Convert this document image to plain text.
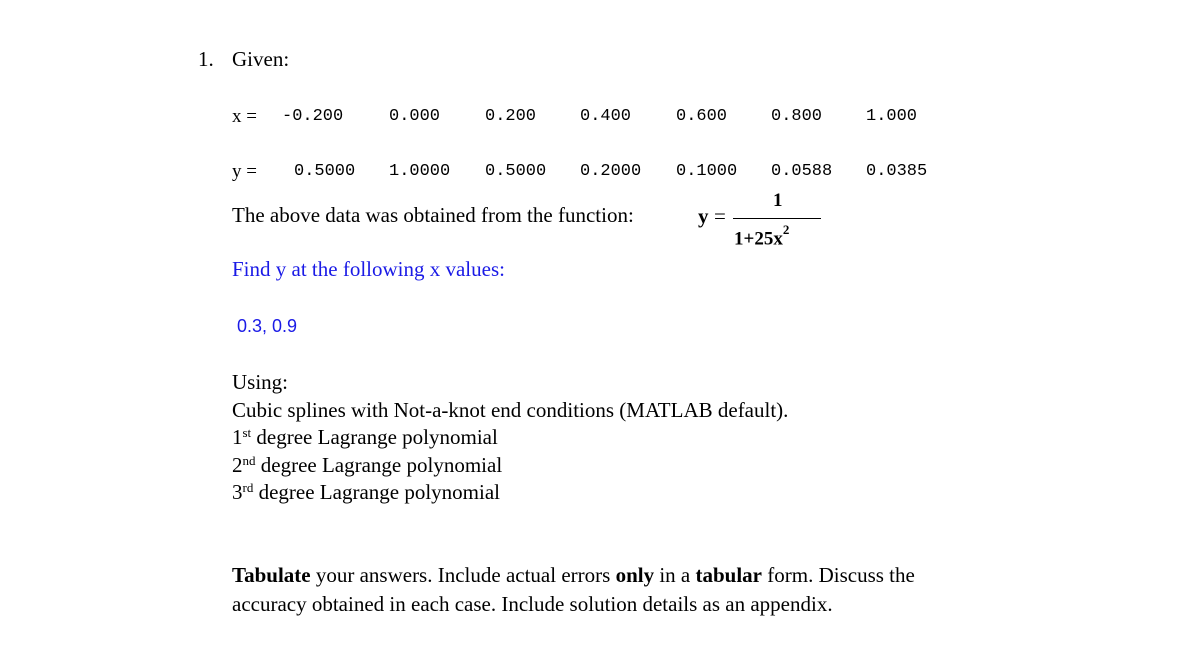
1. Given:
x = -0.200	0.000	0.200	0.400	0.600	0.800	1.000
y = 0.5000 1.0000 0.5000 0.2000 0.1000 0.0588 0.0385
The above data was obtained from the function:	y =
1
$1+25x^2$
Find y at the following x values:
0.3, 0.9
Using:
Cubic splines with Not-a-knot end conditions (MATLAB default).
1st degree Lagrange polynomial
2nd degree Lagrange polynomial
3rd degree Lagrange polynomial
Tabulate your answers. Include actual errors only in a tabular form. Discuss the
accuracy obtained in each case. Include solution details as an appendix.
